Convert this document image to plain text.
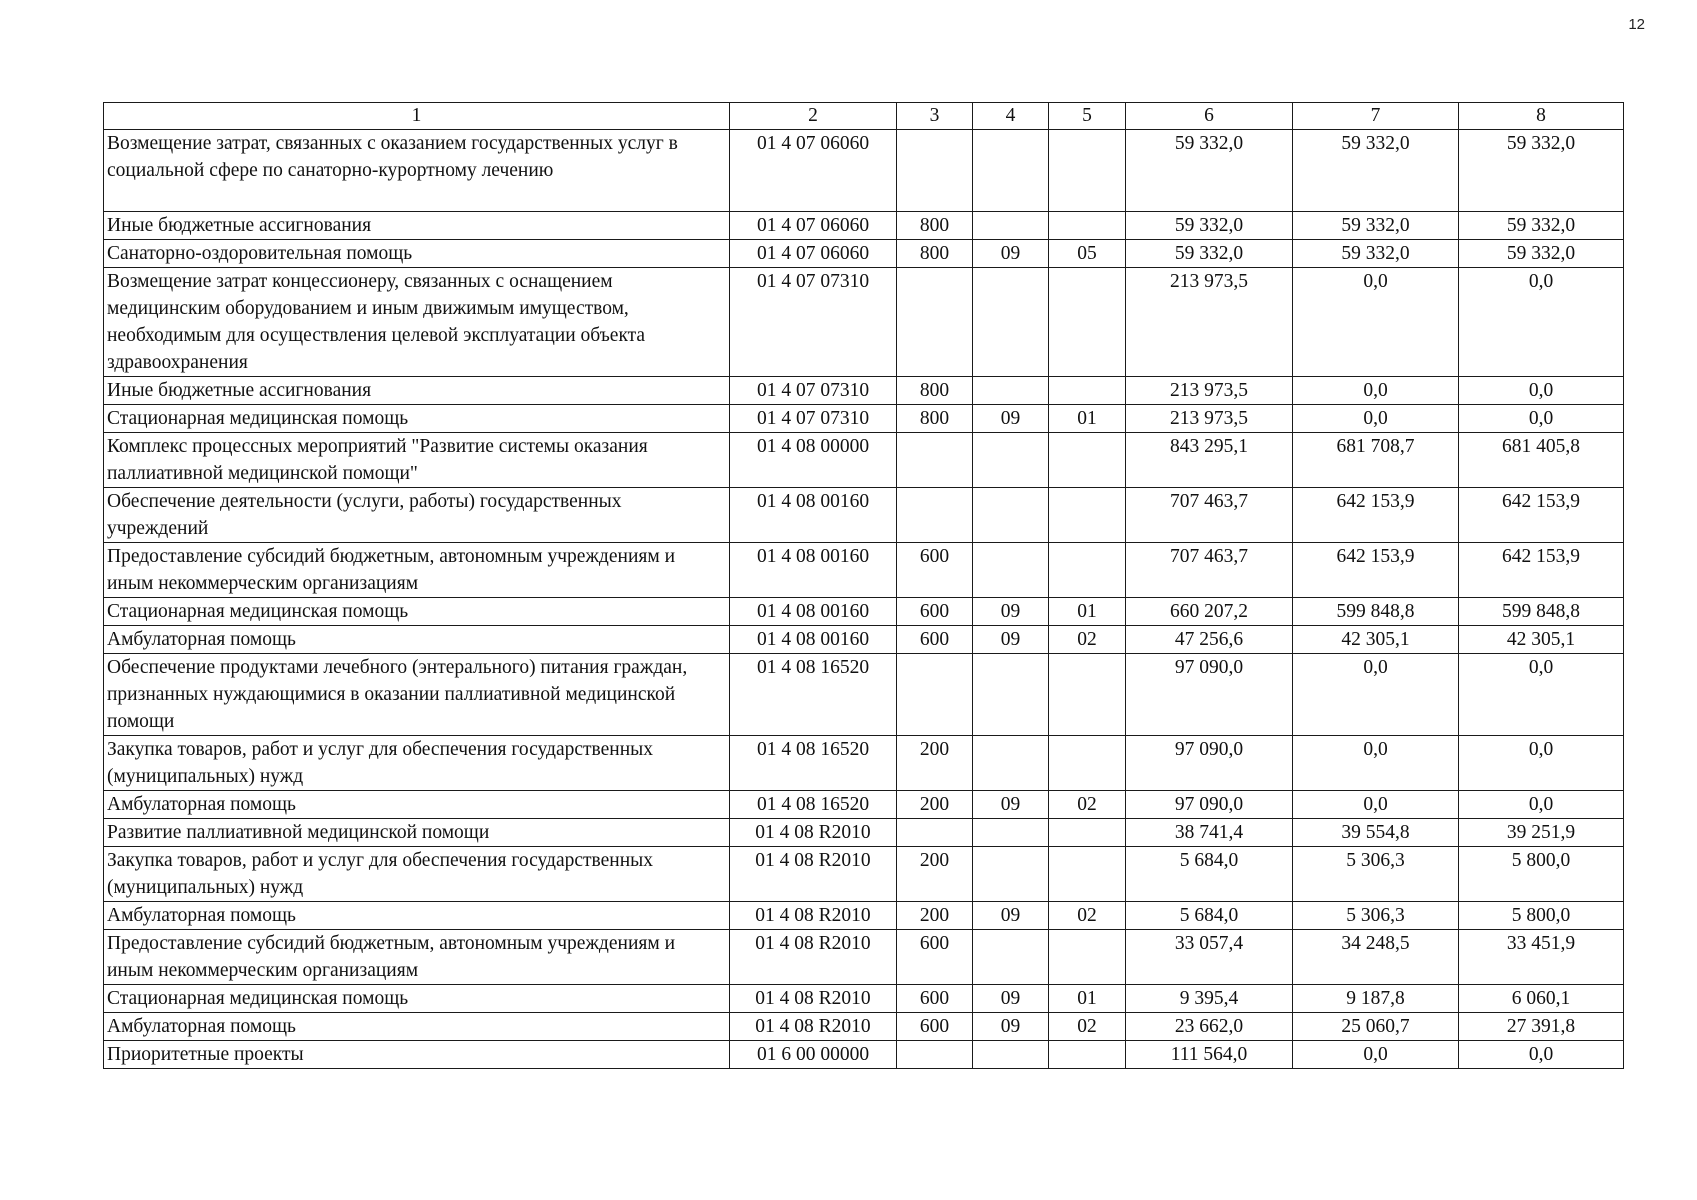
12
1	2	3	4	5	6	7	8
Возмещение затрат, связанных с оказанием государственных услуг в социальной сфере по санаторно-курортному лечению	01 4 07 06060				59 332,0	59 332,0	59 332,0
Иные бюджетные ассигнования	01 4 07 06060	800			59 332,0	59 332,0	59 332,0
Санаторно-оздоровительная помощь	01 4 07 06060	800	09	05	59 332,0	59 332,0	59 332,0
Возмещение затрат концессионеру, связанных с оснащением медицинским оборудованием и иным движимым имуществом, необходимым для осуществления целевой эксплуатации объекта здравоохранения	01 4 07 07310				213 973,5	0,0	0,0
Иные бюджетные ассигнования	01 4 07 07310	800			213 973,5	0,0	0,0
Стационарная медицинская помощь	01 4 07 07310	800	09	01	213 973,5	0,0	0,0
Комплекс процессных мероприятий "Развитие системы оказания паллиативной медицинской помощи"	01 4 08 00000				843 295,1	681 708,7	681 405,8
Обеспечение деятельности (услуги, работы) государственных учреждений	01 4 08 00160				707 463,7	642 153,9	642 153,9
Предоставление субсидий бюджетным, автономным учреждениям и иным некоммерческим организациям	01 4 08 00160	600			707 463,7	642 153,9	642 153,9
Стационарная медицинская помощь	01 4 08 00160	600	09	01	660 207,2	599 848,8	599 848,8
Амбулаторная помощь	01 4 08 00160	600	09	02	47 256,6	42 305,1	42 305,1
Обеспечение продуктами лечебного (энтерального) питания граждан, признанных нуждающимися в оказании паллиативной медицинской помощи	01 4 08 16520				97 090,0	0,0	0,0
Закупка товаров, работ и услуг для обеспечения государственных (муниципальных) нужд	01 4 08 16520	200			97 090,0	0,0	0,0
Амбулаторная помощь	01 4 08 16520	200	09	02	97 090,0	0,0	0,0
Развитие паллиативной медицинской помощи	01 4 08 R2010				38 741,4	39 554,8	39 251,9
Закупка товаров, работ и услуг для обеспечения государственных (муниципальных) нужд	01 4 08 R2010	200			5 684,0	5 306,3	5 800,0
Амбулаторная помощь	01 4 08 R2010	200	09	02	5 684,0	5 306,3	5 800,0
Предоставление субсидий бюджетным, автономным учреждениям и иным некоммерческим организациям	01 4 08 R2010	600			33 057,4	34 248,5	33 451,9
Стационарная медицинская помощь	01 4 08 R2010	600	09	01	9 395,4	9 187,8	6 060,1
Амбулаторная помощь	01 4 08 R2010	600	09	02	23 662,0	25 060,7	27 391,8
Приоритетные проекты	01 6 00 00000				111 564,0	0,0	0,0
